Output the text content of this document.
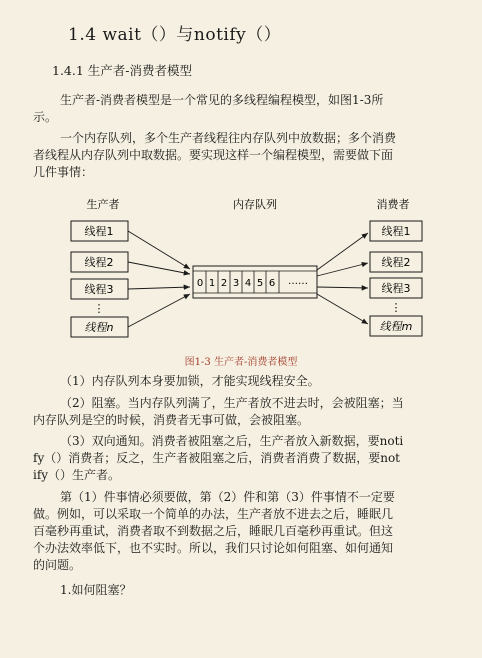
1.4 wait（）与notify（）
1.4.1 生产者-消费者模型

生产者-消费者模型是一个常见的多线程编程模型，如图1-3所
示。

一个内存队列，多个生产者线程往内存队列中放数据；多个消费
者线程从内存队列中取数据。要实现这样一个编程模型，需要做下面
几件事情：

生产者	内存队列	消费者
线程1
线程2
线程3
⋮
线程n
0 1 2 3 4 5 6 ……
线程1
线程2
线程3
⋮
线程m
图1-3 生产者-消费者模型

（1）内存队列本身要加锁，才能实现线程安全。

（2）阻塞。当内存队列满了，生产者放不进去时，会被阻塞；当
内存队列是空的时候，消费者无事可做，会被阻塞。

（3）双向通知。消费者被阻塞之后，生产者放入新数据，要noti
fy（）消费者；反之，生产者被阻塞之后，消费者消费了数据，要not
ify（）生产者。

第（1）件事情必须要做，第（2）件和第（3）件事情不一定要
做。例如，可以采取一个简单的办法，生产者放不进去之后，睡眠几
百毫秒再重试，消费者取不到数据之后，睡眠几百毫秒再重试。但这
个办法效率低下，也不实时。所以，我们只讨论如何阻塞、如何通知
的问题。

1.如何阻塞？
